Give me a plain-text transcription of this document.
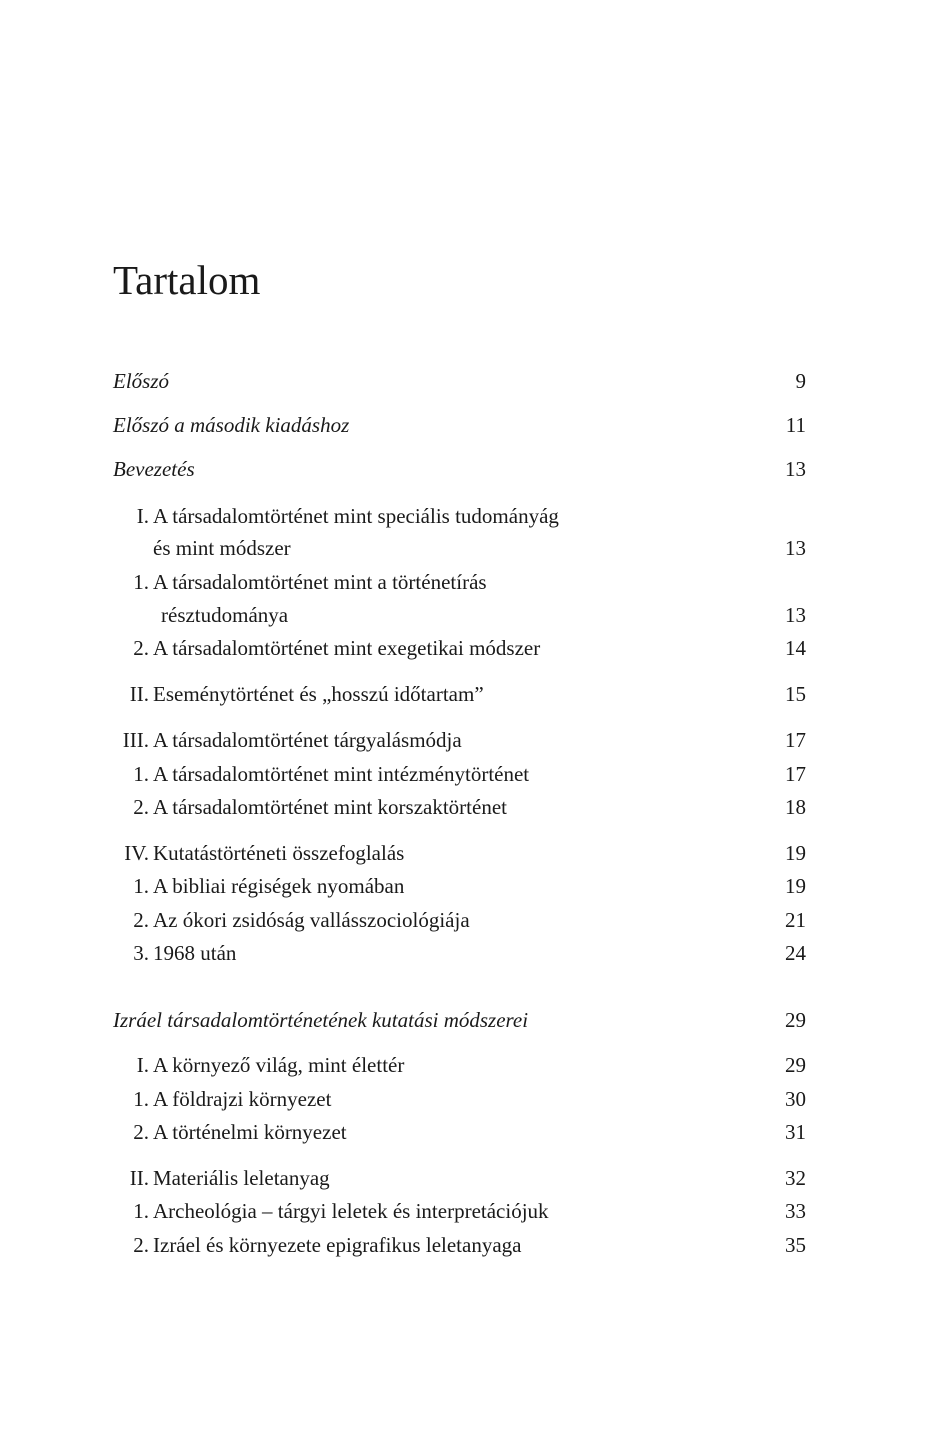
Tartalom
Előszó	9
Előszó a második kiadáshoz	11
Bevezetés	13
I. A társadalomtörténet mint speciális tudományág
és mint módszer	13
1. A társadalomtörténet mint a történetírás
résztudománya	13
2. A társadalomtörténet mint exegetikai módszer	14
II. Eseménytörténet és „hosszú időtartam”	15
III. A társadalomtörténet tárgyalásmódja	17
1. A társadalomtörténet mint intézménytörténet	17
2. A társadalomtörténet mint korszaktörténet	18
IV. Kutatástörténeti összefoglalás	19
1. A bibliai régiségek nyomában	19
2. Az ókori zsidóság vallásszociológiája	21
3. 1968 után	24
Izráel társadalomtörténetének kutatási módszerei	29
I. A környező világ, mint élettér	29
1. A földrajzi környezet	30
2. A történelmi környezet	31
II. Materiális leletanyag	32
1. Archeológia – tárgyi leletek és interpretációjuk	33
2. Izráel és környezete epigrafikus leletanyaga	35
